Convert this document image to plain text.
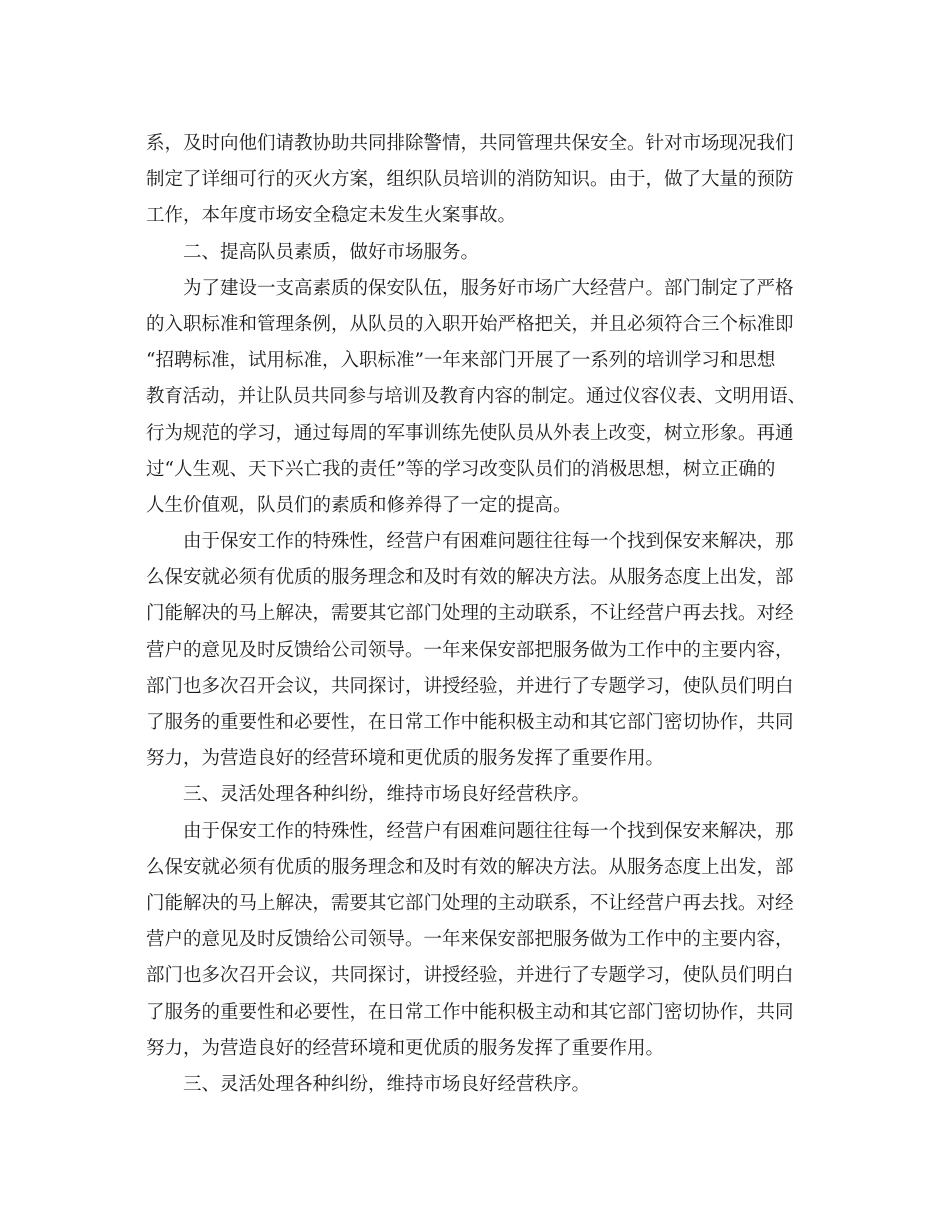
系，及时向他们请教协助共同排除警情，共同管理共保安全。针对市场现况我们
制定了详细可行的灭火方案，组织队员培训的消防知识。由于，做了大量的预防
工作，本年度市场安全稳定未发生火案事故。
二、提高队员素质，做好市场服务。
为了建设一支高素质的保安队伍，服务好市场广大经营户。部门制定了严格
的入职标准和管理条例，从队员的入职开始严格把关，并且必须符合三个标准即
“招聘标准，试用标准，入职标准”一年来部门开展了一系列的培训学习和思想
教育活动，并让队员共同参与培训及教育内容的制定。通过仪容仪表、文明用语、
行为规范的学习，通过每周的军事训练先使队员从外表上改变，树立形象。再通
过“人生观、天下兴亡我的责任”等的学习改变队员们的消极思想，树立正确的
人生价值观，队员们的素质和修养得了一定的提高。
由于保安工作的特殊性，经营户有困难问题往往每一个找到保安来解决，那
么保安就必须有优质的服务理念和及时有效的解决方法。从服务态度上出发，部
门能解决的马上解决，需要其它部门处理的主动联系，不让经营户再去找。对经
营户的意见及时反馈给公司领导。一年来保安部把服务做为工作中的主要内容，
部门也多次召开会议，共同探讨，讲授经验，并进行了专题学习，使队员们明白
了服务的重要性和必要性，在日常工作中能积极主动和其它部门密切协作，共同
努力，为营造良好的经营环境和更优质的服务发挥了重要作用。
三、灵活处理各种纠纷，维持市场良好经营秩序。
由于保安工作的特殊性，经营户有困难问题往往每一个找到保安来解决，那
么保安就必须有优质的服务理念和及时有效的解决方法。从服务态度上出发，部
门能解决的马上解决，需要其它部门处理的主动联系，不让经营户再去找。对经
营户的意见及时反馈给公司领导。一年来保安部把服务做为工作中的主要内容，
部门也多次召开会议，共同探讨，讲授经验，并进行了专题学习，使队员们明白
了服务的重要性和必要性，在日常工作中能积极主动和其它部门密切协作，共同
努力，为营造良好的经营环境和更优质的服务发挥了重要作用。
三、灵活处理各种纠纷，维持市场良好经营秩序。
